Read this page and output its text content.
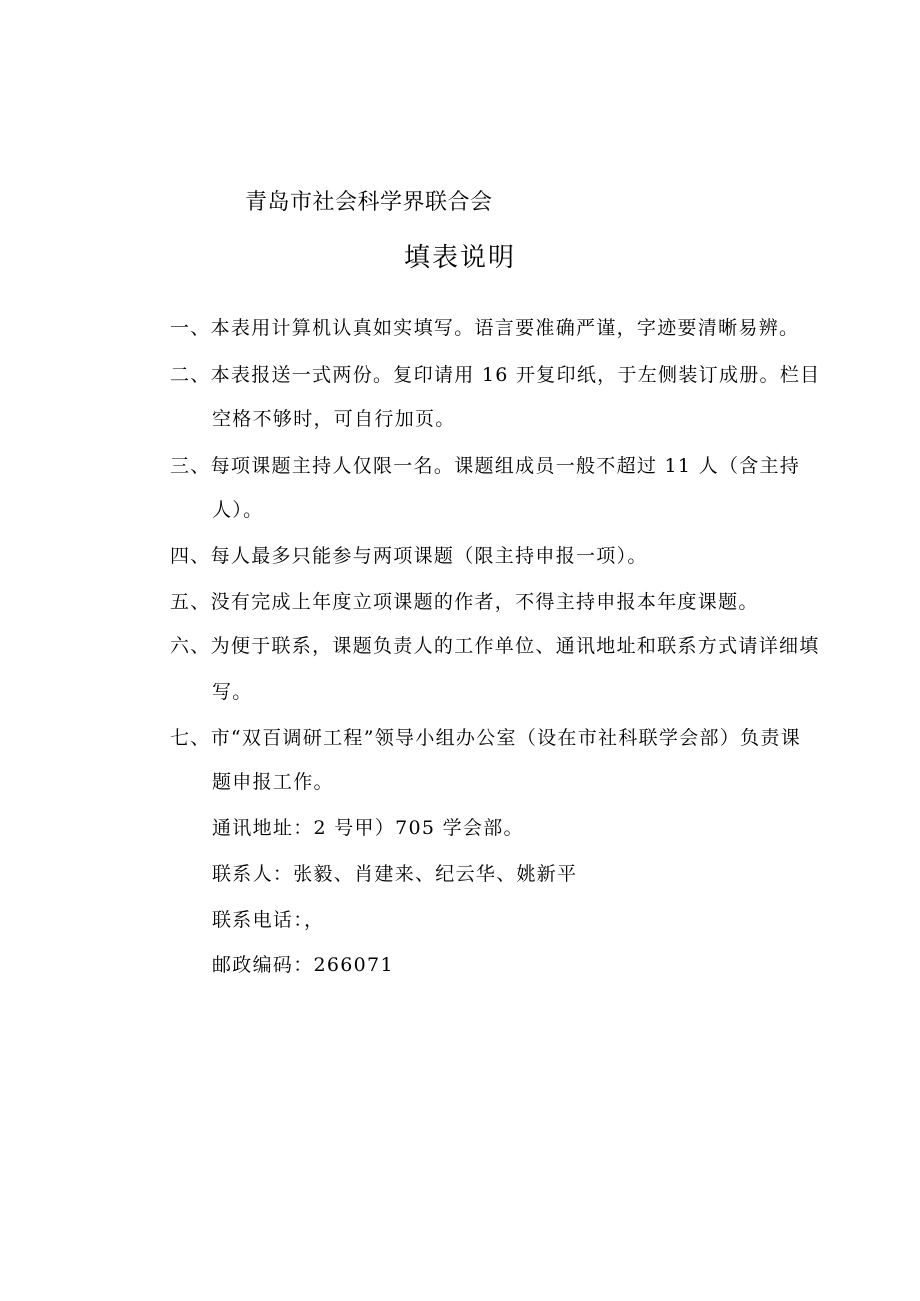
青岛市社会科学界联合会
填表说明
一、本表用计算机认真如实填写。语言要准确严谨，字迹要清晰易辨。
二、本表报送一式两份。复印请用 16 开复印纸，于左侧装订成册。栏目
空格不够时，可自行加页。
三、每项课题主持人仅限一名。课题组成员一般不超过 11 人（含主持
人）。
四、每人最多只能参与两项课题（限主持申报一项）。
五、没有完成上年度立项课题的作者，不得主持申报本年度课题。
六、为便于联系，课题负责人的工作单位、通讯地址和联系方式请详细填
写。
七、市“双百调研工程”领导小组办公室（设在市社科联学会部）负责课
题申报工作。
通讯地址：2 号甲）705 学会部。
联系人：张毅、肖建来、纪云华、姚新平
联系电话：，
邮政编码：266071
